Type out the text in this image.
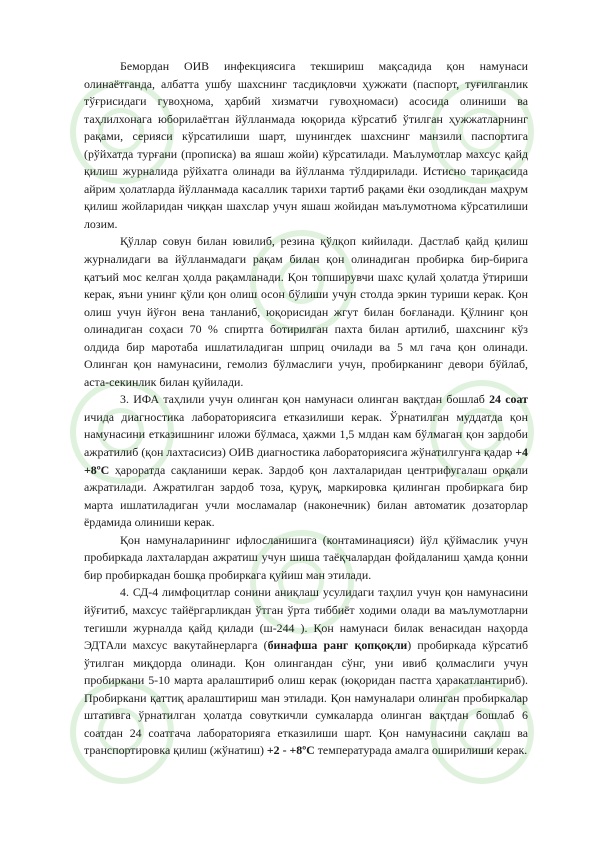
Бемордан ОИВ инфекциясига текшириш мақсадида қон намунаси олинаётганда, албатта ушбу шахснинг тасдиқловчи ҳужжати (паспорт, туғилганлик тўғрисидаги гувоҳнома, ҳарбий хизматчи гувоҳномаси) асосида олиниши ва таҳлилхонага юборилаётган йўлланмада юқорида кўрсатиб ўтилган ҳужжатларнинг рақами, серияси кўрсатилиши шарт, шунингдек шахснинг манзили паспортига (рўйхатда турғани (прописка) ва яшаш жойи) кўрсатилади. Маълумотлар махсус қайд қилиш журналида рўйхатга олинади ва йўлланма тўлдирилади. Истисно тариқасида айрим ҳолатларда йўлланмада касаллик тарихи тартиб рақами ёки озодликдан маҳрум қилиш жойларидан чиққан шахслар учун яшаш жойидан маълумотнома кўрсатилиши лозим.

Қўллар совун билан ювилиб, резина қўлқоп кийилади. Дастлаб қайд қилиш журналидаги ва йўлланмадаги рақам билан қон олинадиган пробирка бир-бирига қатъий мос келган ҳолда рақамланади. Қон топширувчи шахс қулай ҳолатда ўтириши керак, яъни унинг қўли қон олиш осон бўлиши учун столда эркин туриши керак. Қон олиш учун йўғон вена танланиб, юқорисидан жгут билан боғланади. Қўлнинг қон олинадиган соҳаси 70 % спиртга ботирилган пахта билан артилиб, шахснинг кўз олдида бир маротаба ишлатиладиган шприц очилади ва 5 мл гача қон олинади. Олинган қон намунасини, гемолиз бўлмаслиги учун, пробирканинг девори бўйлаб, аста-секинлик билан қуйилади.

3. ИФА таҳлили учун олинган қон намунаси олинган вақтдан бошлаб 24 соат ичида диагностика лабораториясига етказилиши керак. Ўрнатилган муддатда қон намунасини етказишнинг иложи бўлмаса, ҳажми 1,5 млдан кам бўлмаган қон зардоби ажратилиб (қон лахтасисиз) ОИВ диагностика лабораториясига жўнатилгунга қадар +4 +8ºС ҳароратда сақланиши керак. Зардоб қон лахталаридан центрифугалаш орқали ажратилади. Ажратилган зардоб тоза, қуруқ, маркировка қилинган пробиркага бир марта ишлатиладиган учли мосламалар (наконечник) билан автоматик дозаторлар ёрдамида олиниши керак.

Қон намуналарининг ифлосланишига (контаминацияси) йўл қўймаслик учун пробиркада лахталардан ажратиш учун шиша таёқчалардан фойдаланиш ҳамда қонни бир пробиркадан бошқа пробиркага қуйиш ман этилади.

4. СД-4 лимфоцитлар сонини аниқлаш усулидаги таҳлил учун қон намунасини йўғитиб, махсус тайёргарликдан ўтган ўрта тиббиёт ходими олади ва маълумотларни тегишли журналда қайд қилади (ш-244 ). Қон намунаси билак венасидан наҳорда ЭДТАли махсус вакутайнерларга (бинафша ранг қопқоқли) пробиркада кўрсатиб ўтилган миқдорда олинади. Қон олингандан сўнг, уни ивиб қолмаслиги учун пробиркани 5-10 марта аралаштириб олиш керак (юқоридан пастга ҳаракатлантириб). Пробиркани қаттиқ аралаштириш ман этилади. Қон намуналари олинган пробиркалар штативга ўрнатилган ҳолатда совуткичли сумкаларда олинган вақтдан бошлаб 6 соатдан 24 соатгача лабораторияга етказилиши шарт. Қон намунасини сақлаш ва транспортировка қилиш (жўнатиш) +2 - +8ºС температурада амалга оширилиши керак.
